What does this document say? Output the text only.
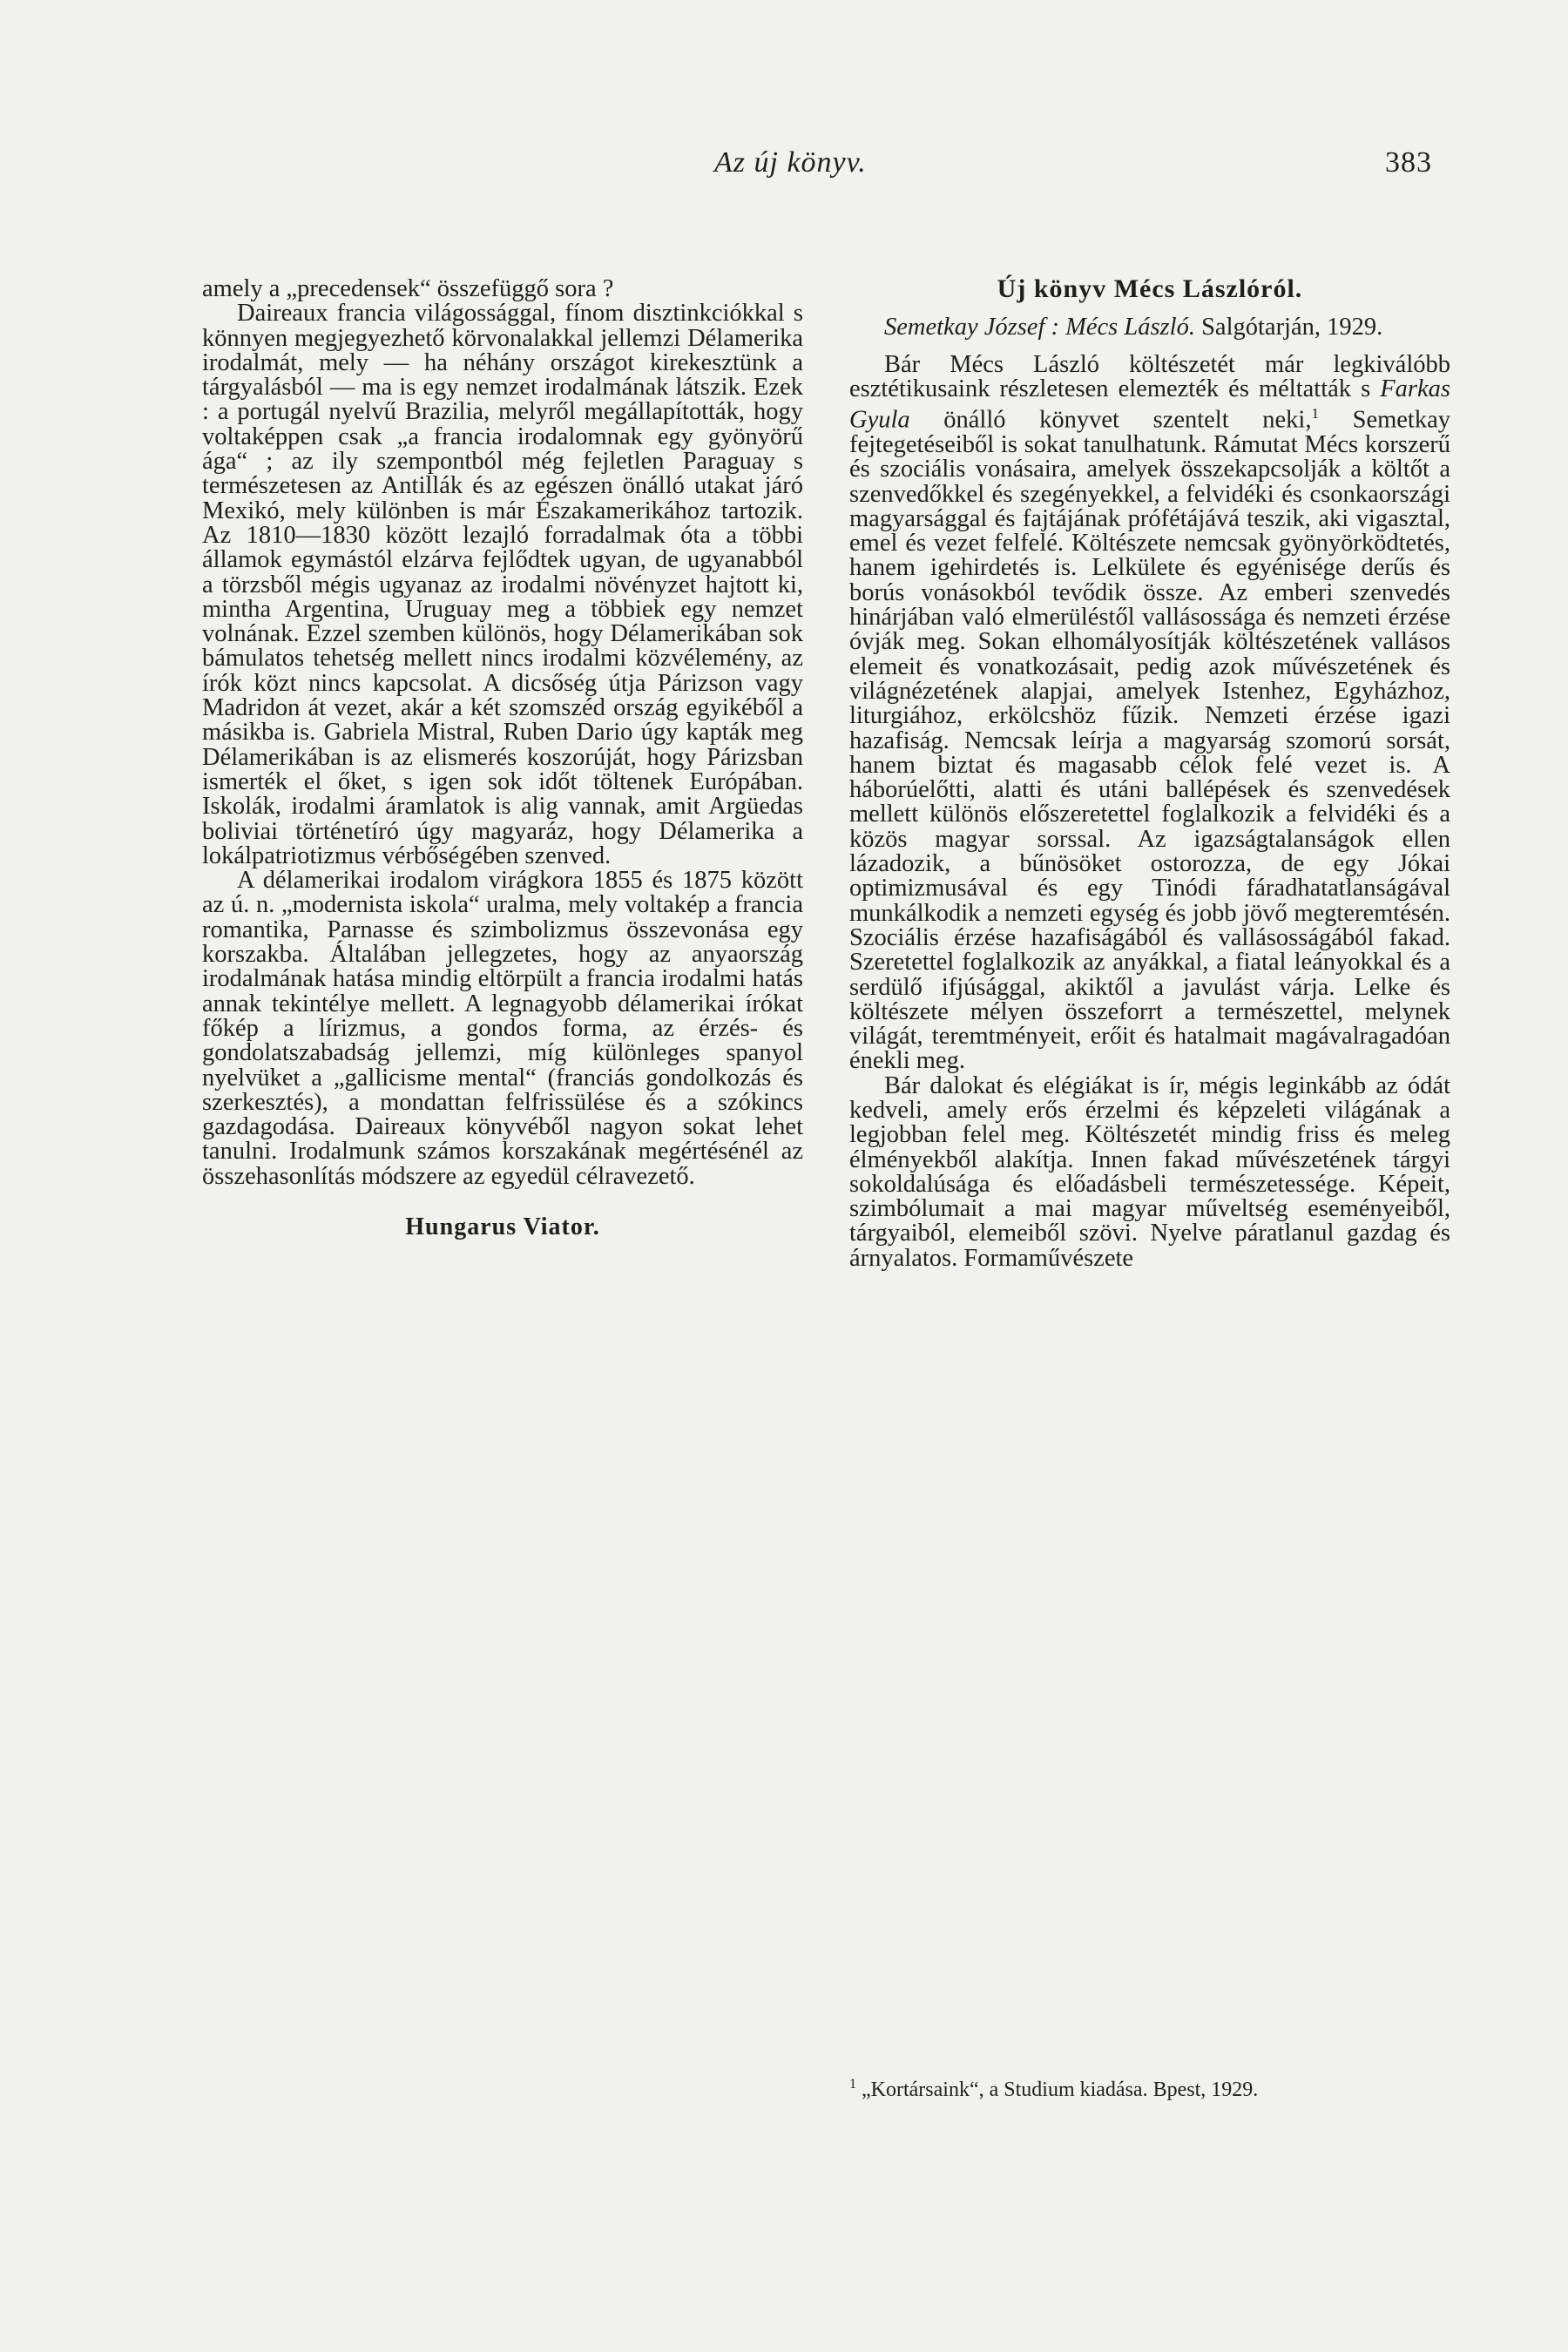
Az új könyv.	383

amely a „precedensek“ összefüggő sora ?

Daireaux francia világossággal, fínom disztinkciókkal s könnyen megjegyezhető körvonalakkal jellemzi Délamerika irodalmát, mely — ha néhány országot kirekesztünk a tárgyalásból — ma is egy nemzet irodalmának látszik. Ezek : a portugál nyelvű Brazilia, melyről megállapították, hogy voltaképpen csak „a francia irodalomnak egy gyönyörű ága“ ; az ily szempontból még fejletlen Paraguay s természetesen az Antillák és az egészen önálló utakat járó Mexikó, mely különben is már Északamerikához tartozik. Az 1810—1830 között lezajló forradalmak óta a többi államok egymástól elzárva fejlődtek ugyan, de ugyanabból a törzsből mégis ugyanaz az irodalmi növényzet hajtott ki, mintha Argentina, Uruguay meg a többiek egy nemzet volnának. Ezzel szemben különös, hogy Délamerikában sok bámulatos tehetség mellett nincs irodalmi közvélemény, az írók közt nincs kapcsolat. A dicsőség útja Párizson vagy Madridon át vezet, akár a két szomszéd ország egyikéből a másikba is. Gabriela Mistral, Ruben Dario úgy kapták meg Délamerikában is az elismerés koszorúját, hogy Párizsban ismerték el őket, s igen sok időt töltenek Európában. Iskolák, irodalmi áramlatok is alig vannak, amit Argüedas boliviai történetíró úgy magyaráz, hogy Délamerika a lokálpatriotizmus vérbőségében szenved.

A délamerikai irodalom virágkora 1855 és 1875 között az ú. n. „modernista iskola“ uralma, mely voltakép a francia romantika, Parnasse és szimbolizmus összevonása egy korszakba. Általában jellegzetes, hogy az anyaország irodalmának hatása mindig eltörpült a francia irodalmi hatás annak tekintélye mellett. A legnagyobb délamerikai írókat főkép a lírizmus, a gondos forma, az érzés- és gondolatszabadság jellemzi, míg különleges spanyol nyelvüket a „gallicisme mental“ (franciás gondolkozás és szerkesztés), a mondattan felfrissülése és a szókincs gazdagodása. Daireaux könyvéből nagyon sokat lehet tanulni. Irodalmunk számos korszakának megértésénél az összehasonlítás módszere az egyedül célravezető.

Hungarus Viator.
Új könyv Mécs Lászlóról.

Semetkay József : Mécs László. Salgótarján, 1929.

Bár Mécs László költészetét már legkiválóbb esztétikusaink részletesen elemezték és méltatták s Farkas Gyula önálló könyvet szentelt neki,$^1$ Semetkay fejtegetéseiből is sokat tanulhatunk. Rámutat Mécs korszerű és szociális vonásaira, amelyek összekapcsolják a költőt a szenvedőkkel és szegényekkel, a felvidéki és csonkaországi magyarsággal és fajtájának prófétájává teszik, aki vigasztal, emel és vezet felfelé. Költészete nemcsak gyönyörködtetés, hanem igehirdetés is. Lelkülete és egyénisége derűs és borús vonásokból tevődik össze. Az emberi szenvedés hinárjában való elmerüléstől vallásossága és nemzeti érzése óvják meg. Sokan elhomályosítják költészetének vallásos elemeit és vonatkozásait, pedig azok művészetének és világnézetének alapjai, amelyek Istenhez, Egyházhoz, liturgiához, erkölcshöz fűzik. Nemzeti érzése igazi hazafiság. Nemcsak leírja a magyarság szomorú sorsát, hanem biztat és magasabb célok felé vezet is. A háborúelőtti, alatti és utáni ballépések és szenvedések mellett különös előszeretettel foglalkozik a felvidéki és a közös magyar sorssal. Az igazságtalanságok ellen lázadozik, a bűnösöket ostorozza, de egy Jókai optimizmusával és egy Tinódi fáradhatatlanságával munkálkodik a nemzeti egység és jobb jövő megteremtésén. Szociális érzése hazafiságából és vallásosságából fakad. Szeretettel foglalkozik az anyákkal, a fiatal leányokkal és a serdülő ifjúsággal, akiktől a javulást várja. Lelke és költészete mélyen összeforrt a természettel, melynek világát, teremtményeit, erőit és hatalmait magávalragadóan énekli meg.

Bár dalokat és elégiákat is ír, mégis leginkább az ódát kedveli, amely erős érzelmi és képzeleti világának a legjobban felel meg. Költészetét mindig friss és meleg élményekből alakítja. Innen fakad művészetének tárgyi sokoldalúsága és előadásbeli természetessége. Képeit, szimbólumait a mai magyar műveltség eseményeiből, tárgyaiból, elemeiből szövi. Nyelve páratlanul gazdag és árnyalatos. Formaművészete

$^1$ „Kortársaink“, a Studium kiadása. Bpest, 1929.
